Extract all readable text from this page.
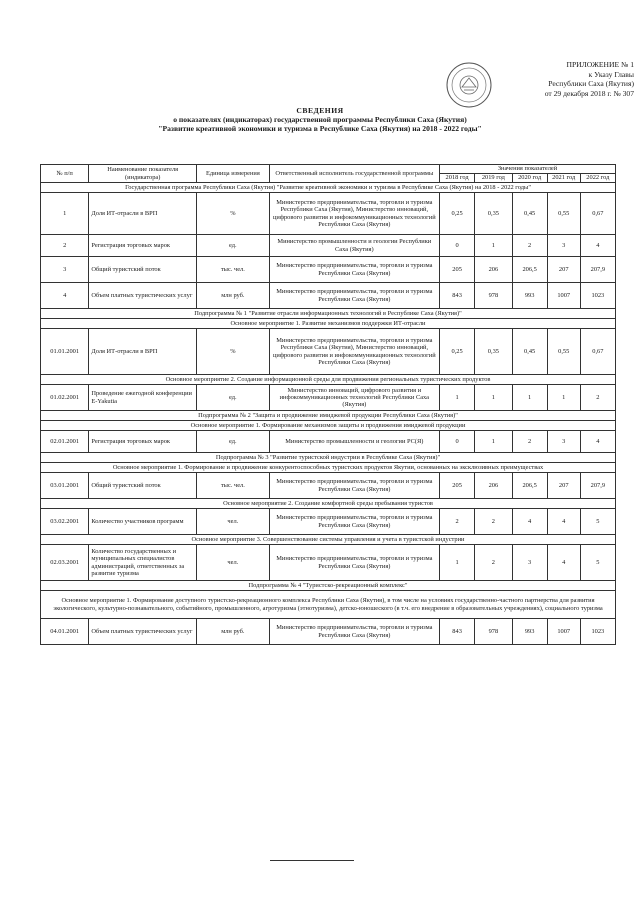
ПРИЛОЖЕНИЕ № 1
к Указу Главы
Республики Саха (Якутия)
от 29 декабря 2018 г. № 307
СВЕДЕНИЯ
о показателях (индикаторах) государственной программы Республики Саха (Якутия)
"Развитие креативной экономики и туризма в Республике Саха (Якутия) на 2018 - 2022 годы"
№ п/п	Наименование показателя (индикатора)	Единица измерения	Ответственный исполнитель государственной программы	Значения показателей				
				2018 год	2019 год	2020 год	2021 год	2022 год
Государственная программа Республики Саха (Якутия) "Развитие креативной экономики и туризма в Республике Саха (Якутия) на 2018 - 2022 годы"								
1	Доля ИТ-отрасли в ВРП	%	Министерство предпринимательства, торговли и туризма Республики Саха (Якутия), Министерство инноваций, цифрового развития и инфокоммуникационных технологий Республики Саха (Якутия)	0,25	0,35	0,45	0,55	0,67
2	Регистрация торговых марок	ед.	Министерство промышленности и геологии Республики Саха (Якутия)	0	1	2	3	4
3	Общий туристский поток	тыс. чел.	Министерство предпринимательства, торговли и туризма Республики Саха (Якутия)	205	206	206,5	207	207,9
4	Объем платных туристических услуг	млн руб.	Министерство предпринимательства, торговли и туризма Республики Саха (Якутия)	843	978	993	1007	1023
Подпрограмма № 1 "Развитие отрасли информационных технологий в Республике Саха (Якутия)"								
Основное мероприятие 1. Развитие механизмов поддержки ИТ-отрасли								
01.01.2001	Доля ИТ-отрасли в ВРП	%	Министерство предпринимательства, торговли и туризма Республики Саха (Якутия), Министерство инноваций, цифрового развития и инфокоммуникационных технологий Республики Саха (Якутия)	0,25	0,35	0,45	0,55	0,67
Основное мероприятие 2. Создание информационной среды для продвижения региональных туристических продуктов								
01.02.2001	Проведение ежегодной конференции E-Yakutia	ед.	Министерство инноваций, цифрового развития и инфокоммуникационных технологий Республики Саха (Якутия)	1	1	1	1	2
Подпрограмма № 2 "Защита и продвижение имиджевой продукции Республики Саха (Якутия)"								
Основное мероприятие 1. Формирование механизмов защиты и продвижения имиджевой продукции								
02.01.2001	Регистрация торговых марок	ед.	Министерство промышленности и геологии РС(Я)	0	1	2	3	4
Подпрограмма № 3 "Развитие туристской индустрии в Республике Саха (Якутия)"								
Основное мероприятие 1. Формирование и продвижение конкурентоспособных туристских продуктов Якутии, основанных на эксклюзивных преимуществах								
03.01.2001	Общий туристский поток	тыс. чел.	Министерство предпринимательства, торговли и туризма Республики Саха (Якутия)	205	206	206,5	207	207,9
Основное мероприятие 2. Создание комфортной среды пребывания туристов								
03.02.2001	Количество участников программ	чел.	Министерство предпринимательства, торговли и туризма Республики Саха (Якутия)	2	2	4	4	5
Основное мероприятие 3. Совершенствование системы управления и учета в туристской индустрии								
02.03.2001	Количество государственных и муниципальных специалистов администраций, ответственных за развитие туризма	чел.	Министерство предпринимательства, торговли и туризма Республики Саха (Якутия)	1	2	3	4	5
Подпрограмма № 4 "Туристско-рекреационный комплекс"								
Основное мероприятие 1. Формирование доступного туристско-рекреационного комплекса Республики Саха (Якутия), в том числе на условиях государственно-частного партнерства для развития экологического, культурно-познавательного, событийного, промышленного, агротуризма (этнотуризма), детско-юношеского (в т.ч. его внедрение в образовательных учреждениях), социального туризма								
04.01.2001	Объем платных туристических услуг	млн руб.	Министерство предпринимательства, торговли и туризма Республики Саха (Якутия)	843	978	993	1007	1023
